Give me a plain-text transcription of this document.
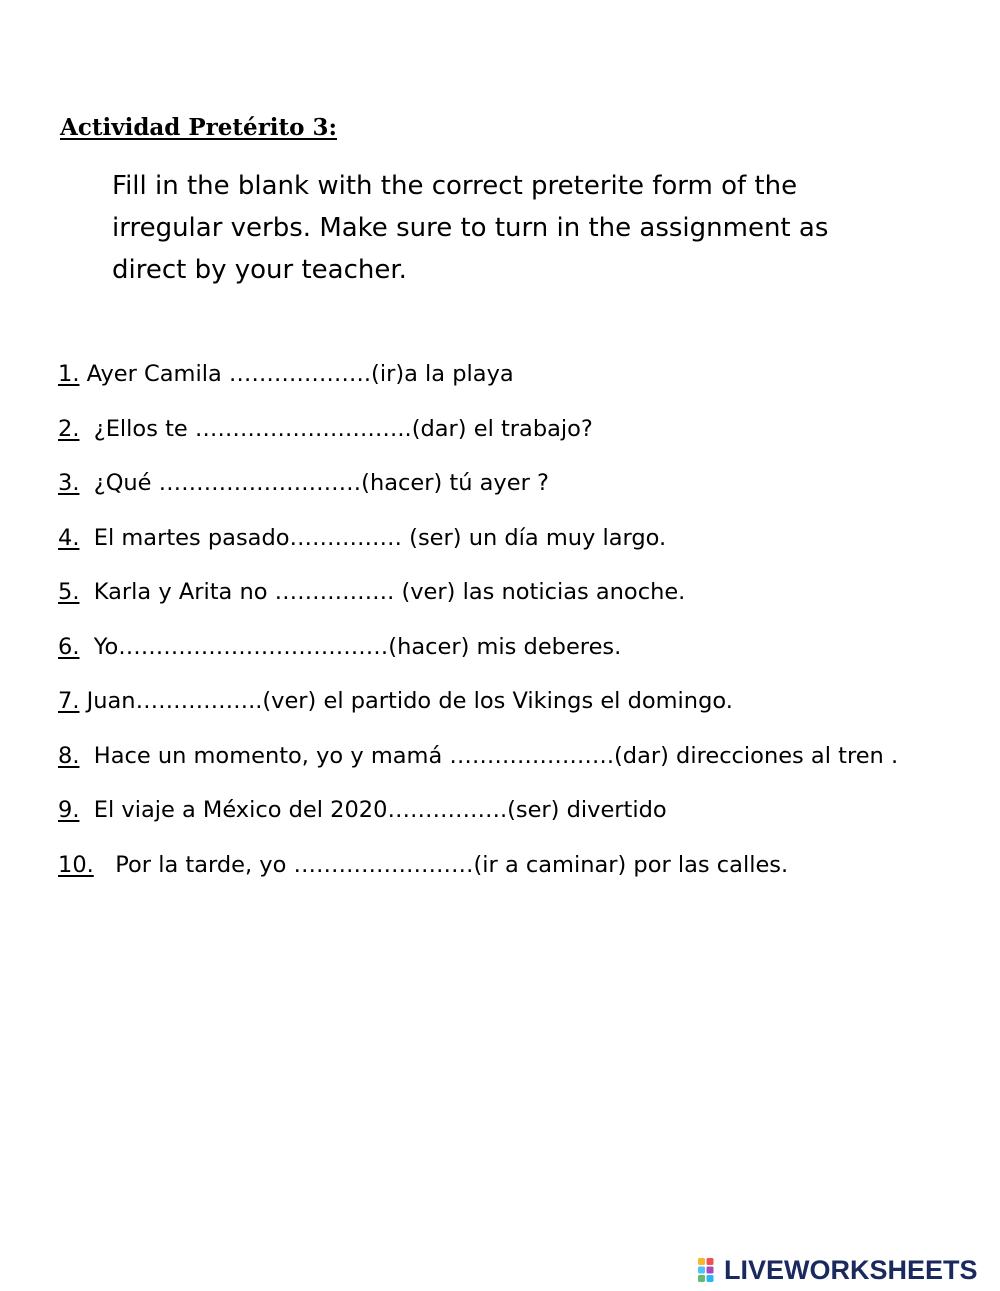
Actividad Pretérito 3:
Fill in the blank with the correct preterite form of the
irregular verbs. Make sure to turn in the assignment as
direct by your teacher.
1. Ayer Camila ……………….(ir)a la playa
2.  ¿Ellos te ………………………..(dar) el trabajo?
3.  ¿Qué ………………………(hacer) tú ayer ?
4.  El martes pasado…………… (ser) un día muy largo.
5.  Karla y Arita no ……………. (ver) las noticias anoche.
6.  Yo………………………………(hacer) mis deberes.
7. Juan……………..(ver) el partido de los Vikings el domingo.
8.  Hace un momento, yo y mamá ………………….(dar) direcciones al tren .
9.  El viaje a México del 2020…………….(ser) divertido
10.   Por la tarde, yo ……………………(ir a caminar) por las calles.
LIVEWORKSHEETS
